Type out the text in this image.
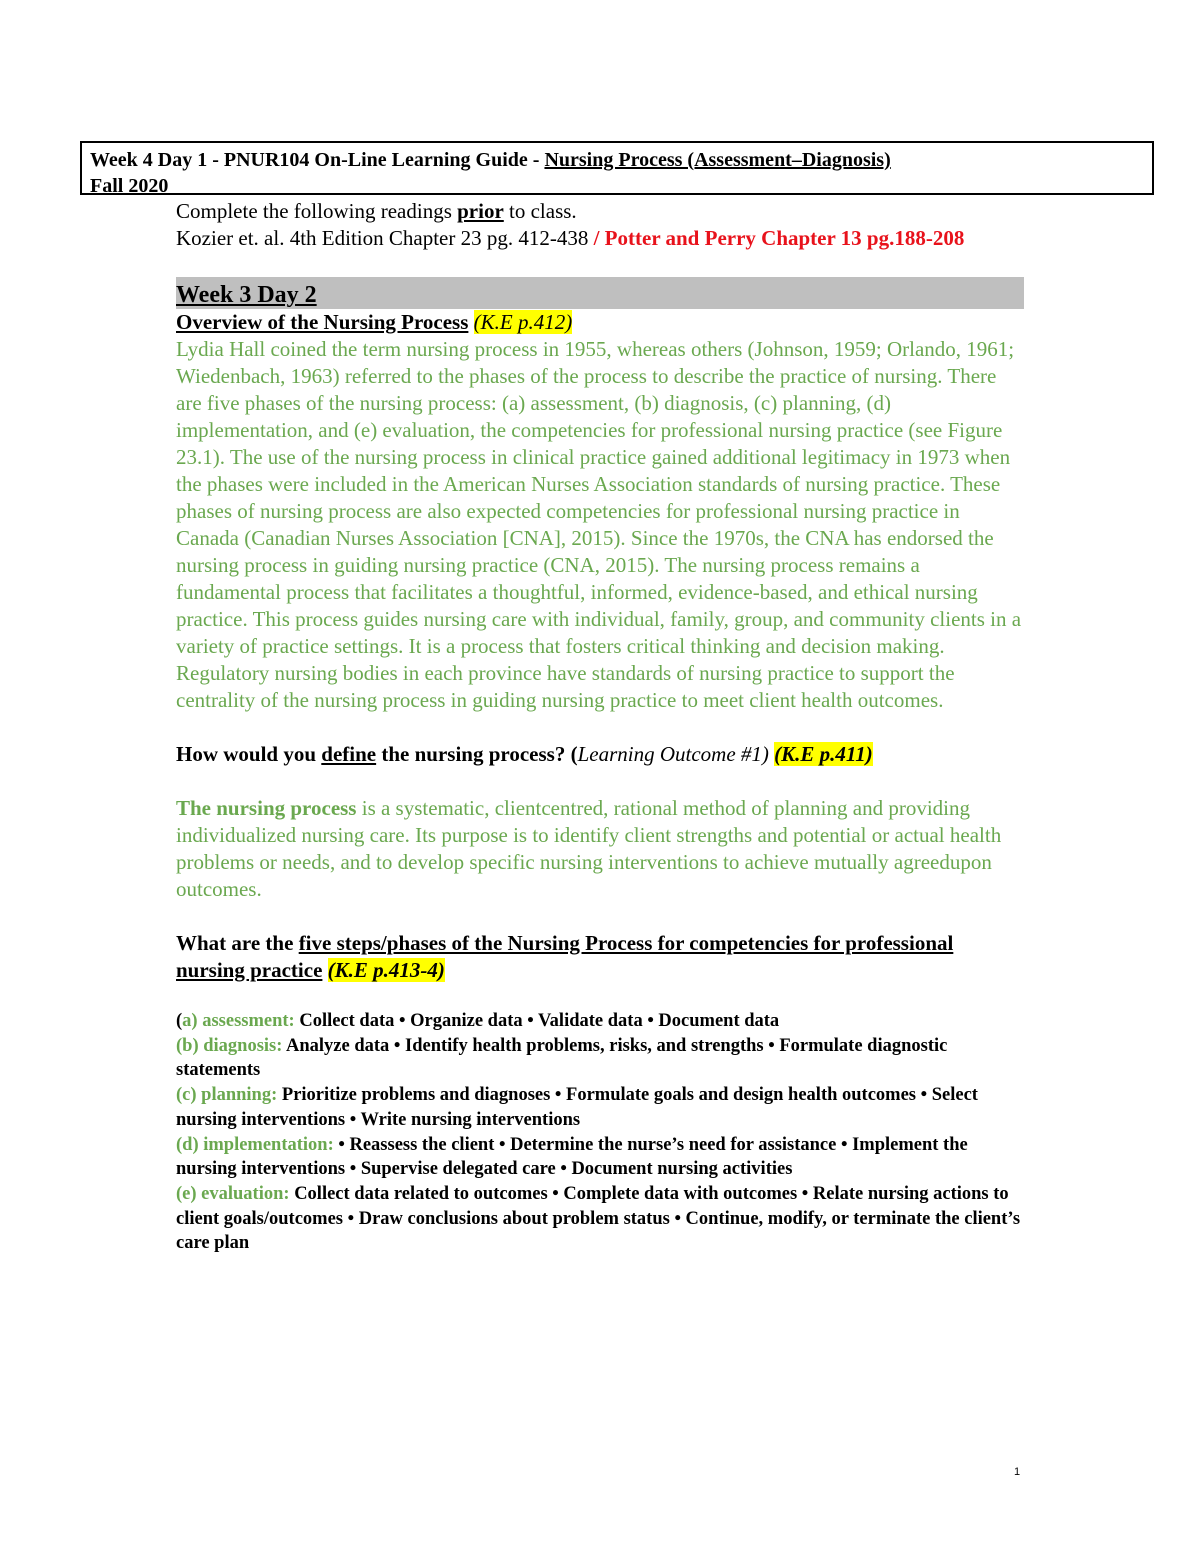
Week 4 Day 1 - PNUR104 On-Line Learning Guide - Nursing Process (Assessment–Diagnosis)
Fall 2020
Complete the following readings prior to class.
Kozier et. al. 4th Edition Chapter 23 pg. 412-438 / Potter and Perry Chapter 13 pg.188-208
Week 3 Day 2
Overview of the Nursing Process (K.E p.412)

Lydia Hall coined the term nursing process in 1955, whereas others (Johnson, 1959; Orlando, 1961; Wiedenbach, 1963) referred to the phases of the process to describe the practice of nursing. There are five phases of the nursing process: (a) assessment, (b) diagnosis, (c) planning, (d) implementation, and (e) evaluation, the competencies for professional nursing practice (see Figure 23.1). The use of the nursing process in clinical practice gained additional legitimacy in 1973 when the phases were included in the American Nurses Association standards of nursing practice. These phases of nursing process are also expected competencies for professional nursing practice in Canada (Canadian Nurses Association [CNA], 2015). Since the 1970s, the CNA has endorsed the nursing process in guiding nursing practice (CNA, 2015). The nursing process remains a fundamental process that facilitates a thoughtful, informed, evidence-based, and ethical nursing practice. This process guides nursing care with individual, family, group, and community clients in a variety of practice settings. It is a process that fosters critical thinking and decision making. Regulatory nursing bodies in each province have standards of nursing practice to support the centrality of the nursing process in guiding nursing practice to meet client health outcomes.

How would you define the nursing process? (Learning Outcome #1) (K.E p.411)

The nursing process is a systematic, clientcentred, rational method of planning and providing individualized nursing care. Its purpose is to identify client strengths and potential or actual health problems or needs, and to develop specific nursing interventions to achieve mutually agreedupon outcomes.

What are the five steps/phases of the Nursing Process for competencies for professional nursing practice (K.E p.413-4)
(a) assessment: Collect data • Organize data • Validate data • Document data
(b) diagnosis: Analyze data • Identify health problems, risks, and strengths • Formulate diagnostic statements
(c) planning: Prioritize problems and diagnoses • Formulate goals and design health outcomes • Select nursing interventions • Write nursing interventions
(d) implementation: • Reassess the client • Determine the nurse’s need for assistance • Implement the nursing interventions • Supervise delegated care • Document nursing activities
(e) evaluation: Collect data related to outcomes • Complete data with outcomes • Relate nursing actions to client goals/outcomes • Draw conclusions about problem status • Continue, modify, or terminate the client’s care plan
1
